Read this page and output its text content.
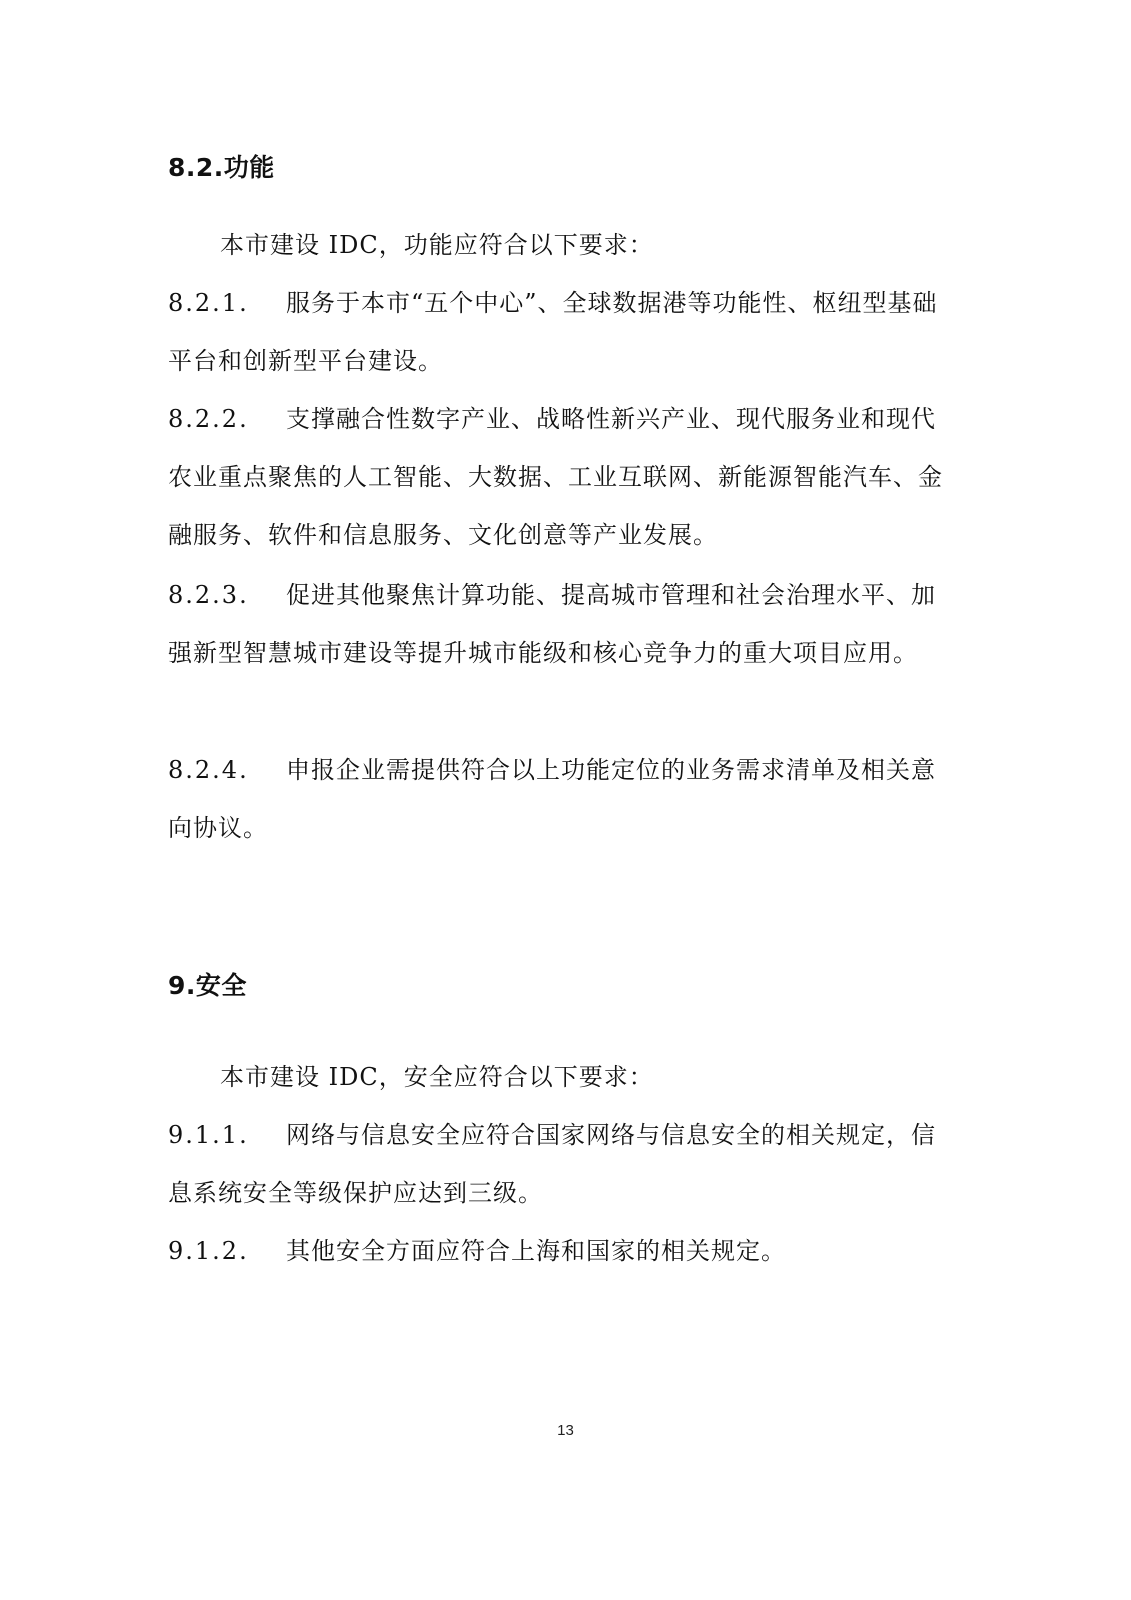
8.2.功能

本市建设 IDC，功能应符合以下要求：

8.2.1. 服务于本市“五个中心”、全球数据港等功能性、枢纽型基础平台和创新型平台建设。

8.2.2. 支撑融合性数字产业、战略性新兴产业、现代服务业和现代农业重点聚焦的人工智能、大数据、工业互联网、新能源智能汽车、金融服务、软件和信息服务、文化创意等产业发展。

8.2.3. 促进其他聚焦计算功能、提高城市管理和社会治理水平、加强新型智慧城市建设等提升城市能级和核心竞争力的重大项目应用。

8.2.4. 申报企业需提供符合以上功能定位的业务需求清单及相关意向协议。

9.安全

本市建设 IDC，安全应符合以下要求：

9.1.1. 网络与信息安全应符合国家网络与信息安全的相关规定，信息系统安全等级保护应达到三级。

9.1.2. 其他安全方面应符合上海和国家的相关规定。

13
